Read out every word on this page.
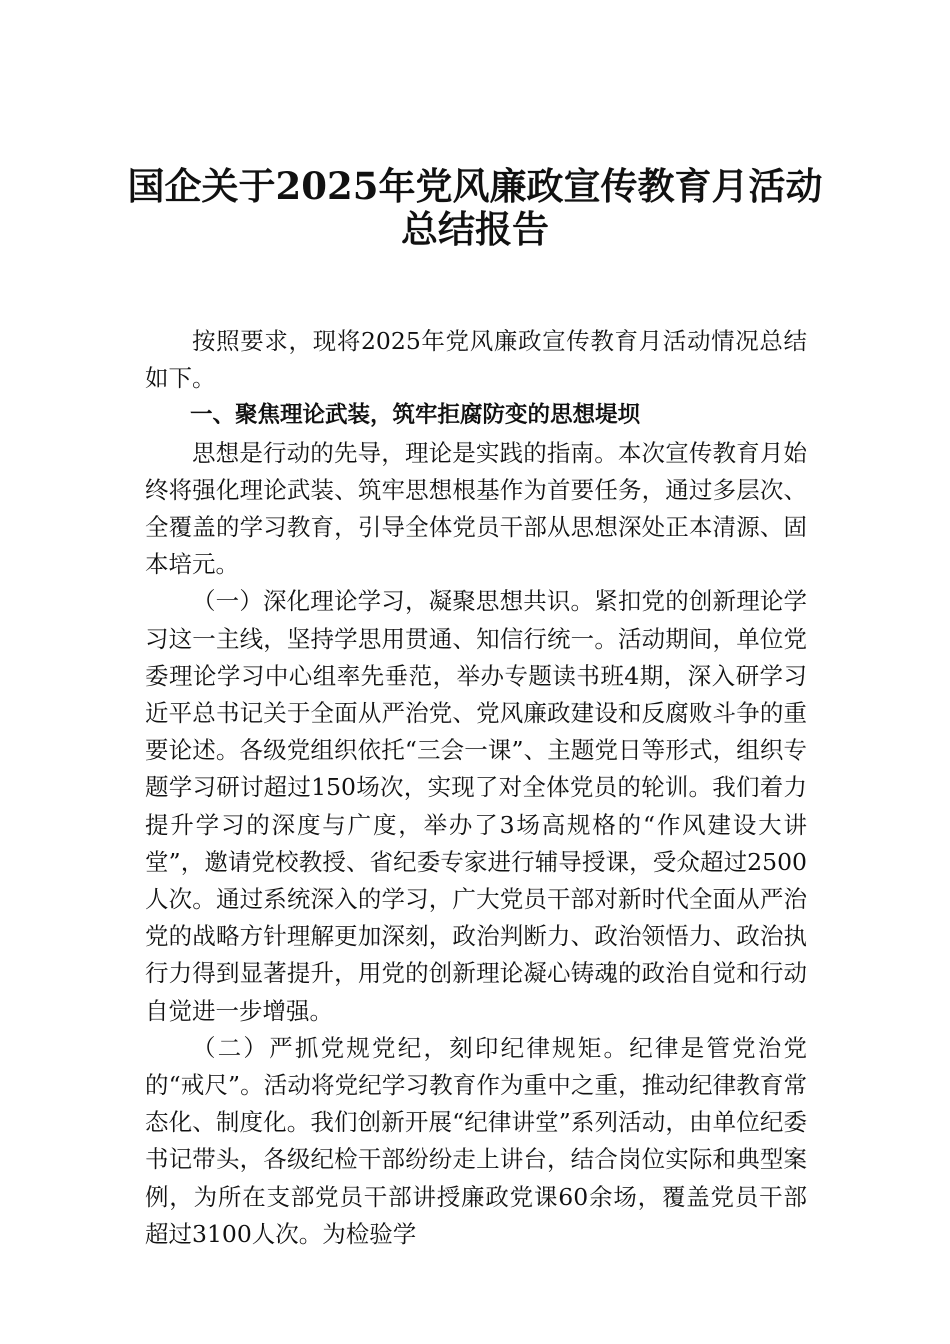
国企关于2025年党风廉政宣传教育月活动
总结报告

按照要求，现将2025年党风廉政宣传教育月活动情况总结如下。

一、聚焦理论武装，筑牢拒腐防变的思想堤坝

思想是行动的先导，理论是实践的指南。本次宣传教育月始终将强化理论武装、筑牢思想根基作为首要任务，通过多层次、全覆盖的学习教育，引导全体党员干部从思想深处正本清源、固本培元。

（一）深化理论学习，凝聚思想共识。紧扣党的创新理论学习这一主线，坚持学思用贯通、知信行统一。活动期间，单位党委理论学习中心组率先垂范，举办专题读书班4期，深入研学习近平总书记关于全面从严治党、党风廉政建设和反腐败斗争的重要论述。各级党组织依托“三会一课”、主题党日等形式，组织专题学习研讨超过150场次，实现了对全体党员的轮训。我们着力提升学习的深度与广度，举办了3场高规格的“作风建设大讲堂”，邀请党校教授、省纪委专家进行辅导授课，受众超过2500人次。通过系统深入的学习，广大党员干部对新时代全面从严治党的战略方针理解更加深刻，政治判断力、政治领悟力、政治执行力得到显著提升，用党的创新理论凝心铸魂的政治自觉和行动自觉进一步增强。

（二）严抓党规党纪，刻印纪律规矩。纪律是管党治党的“戒尺”。活动将党纪学习教育作为重中之重，推动纪律教育常态化、制度化。我们创新开展“纪律讲堂”系列活动，由单位纪委书记带头，各级纪检干部纷纷走上讲台，结合岗位实际和典型案例，为所在支部党员干部讲授廉政党课60余场，覆盖党员干部超过3100人次。为检验学
